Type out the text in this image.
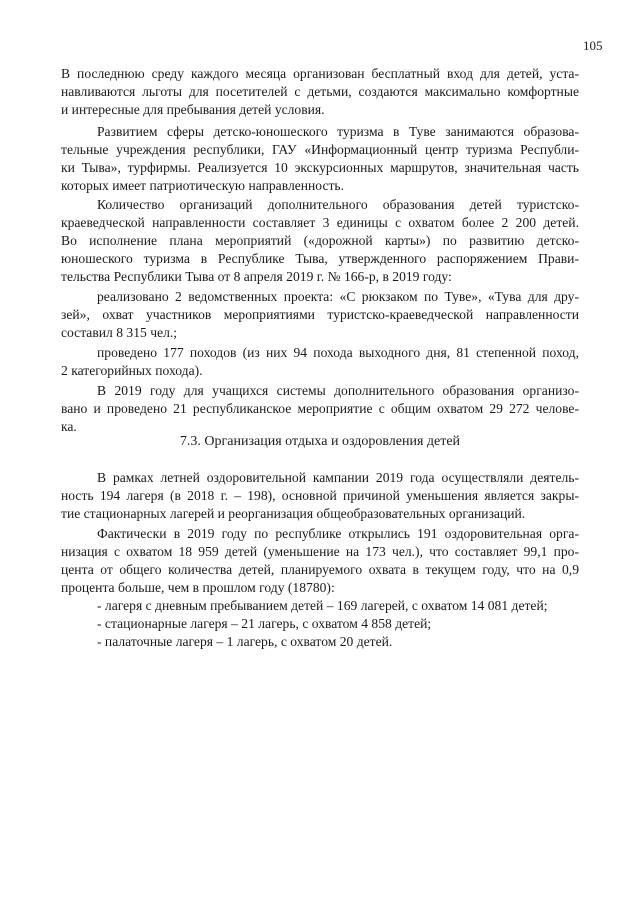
105
В последнюю среду каждого месяца организован бесплатный вход для детей, уста-
навливаются льготы для посетителей с детьми, создаются максимально комфортные
и интересные для пребывания детей условия.
Развитием сферы детско-юношеского туризма в Туве занимаются образова-
тельные учреждения республики, ГАУ «Информационный центр туризма Республи-
ки Тыва», турфирмы. Реализуется 10 экскурсионных маршрутов, значительная часть
которых имеет патриотическую направленность.
Количество организаций дополнительного образования детей туристско-
краеведческой направленности составляет 3 единицы с охватом более 2 200 детей.
Во исполнение плана мероприятий («дорожной карты») по развитию детско-
юношеского туризма в Республике Тыва, утвержденного распоряжением Прави-
тельства Республики Тыва от 8 апреля 2019 г. № 166-р, в 2019 году:
реализовано 2 ведомственных проекта: «С рюкзаком по Туве», «Тува для дру-
зей», охват участников мероприятиями туристско-краеведческой направленности
составил 8 315 чел.;
проведено 177 походов (из них 94 похода выходного дня, 81 степенной поход,
2 категорийных похода).
В 2019 году для учащихся системы дополнительного образования организо-
вано и проведено 21 республиканское мероприятие с общим охватом 29 272 челове-
ка.
7.3. Организация отдыха и оздоровления детей
В рамках летней оздоровительной кампании 2019 года осуществляли деятель-
ность 194 лагеря (в 2018 г. – 198), основной причиной уменьшения является закры-
тие стационарных лагерей и реорганизация общеобразовательных организаций.
Фактически в 2019 году по республике открылись 191 оздоровительная орга-
низация с охватом 18 959 детей (уменьшение на 173 чел.), что составляет 99,1 про-
цента от общего количества детей, планируемого охвата в текущем году, что на 0,9
процента больше, чем в прошлом году (18780):
- лагеря с дневным пребыванием детей – 169 лагерей, с охватом 14 081 детей;
- стационарные лагеря – 21 лагерь, с охватом 4 858 детей;
- палаточные лагеря – 1 лагерь, с охватом 20 детей.
